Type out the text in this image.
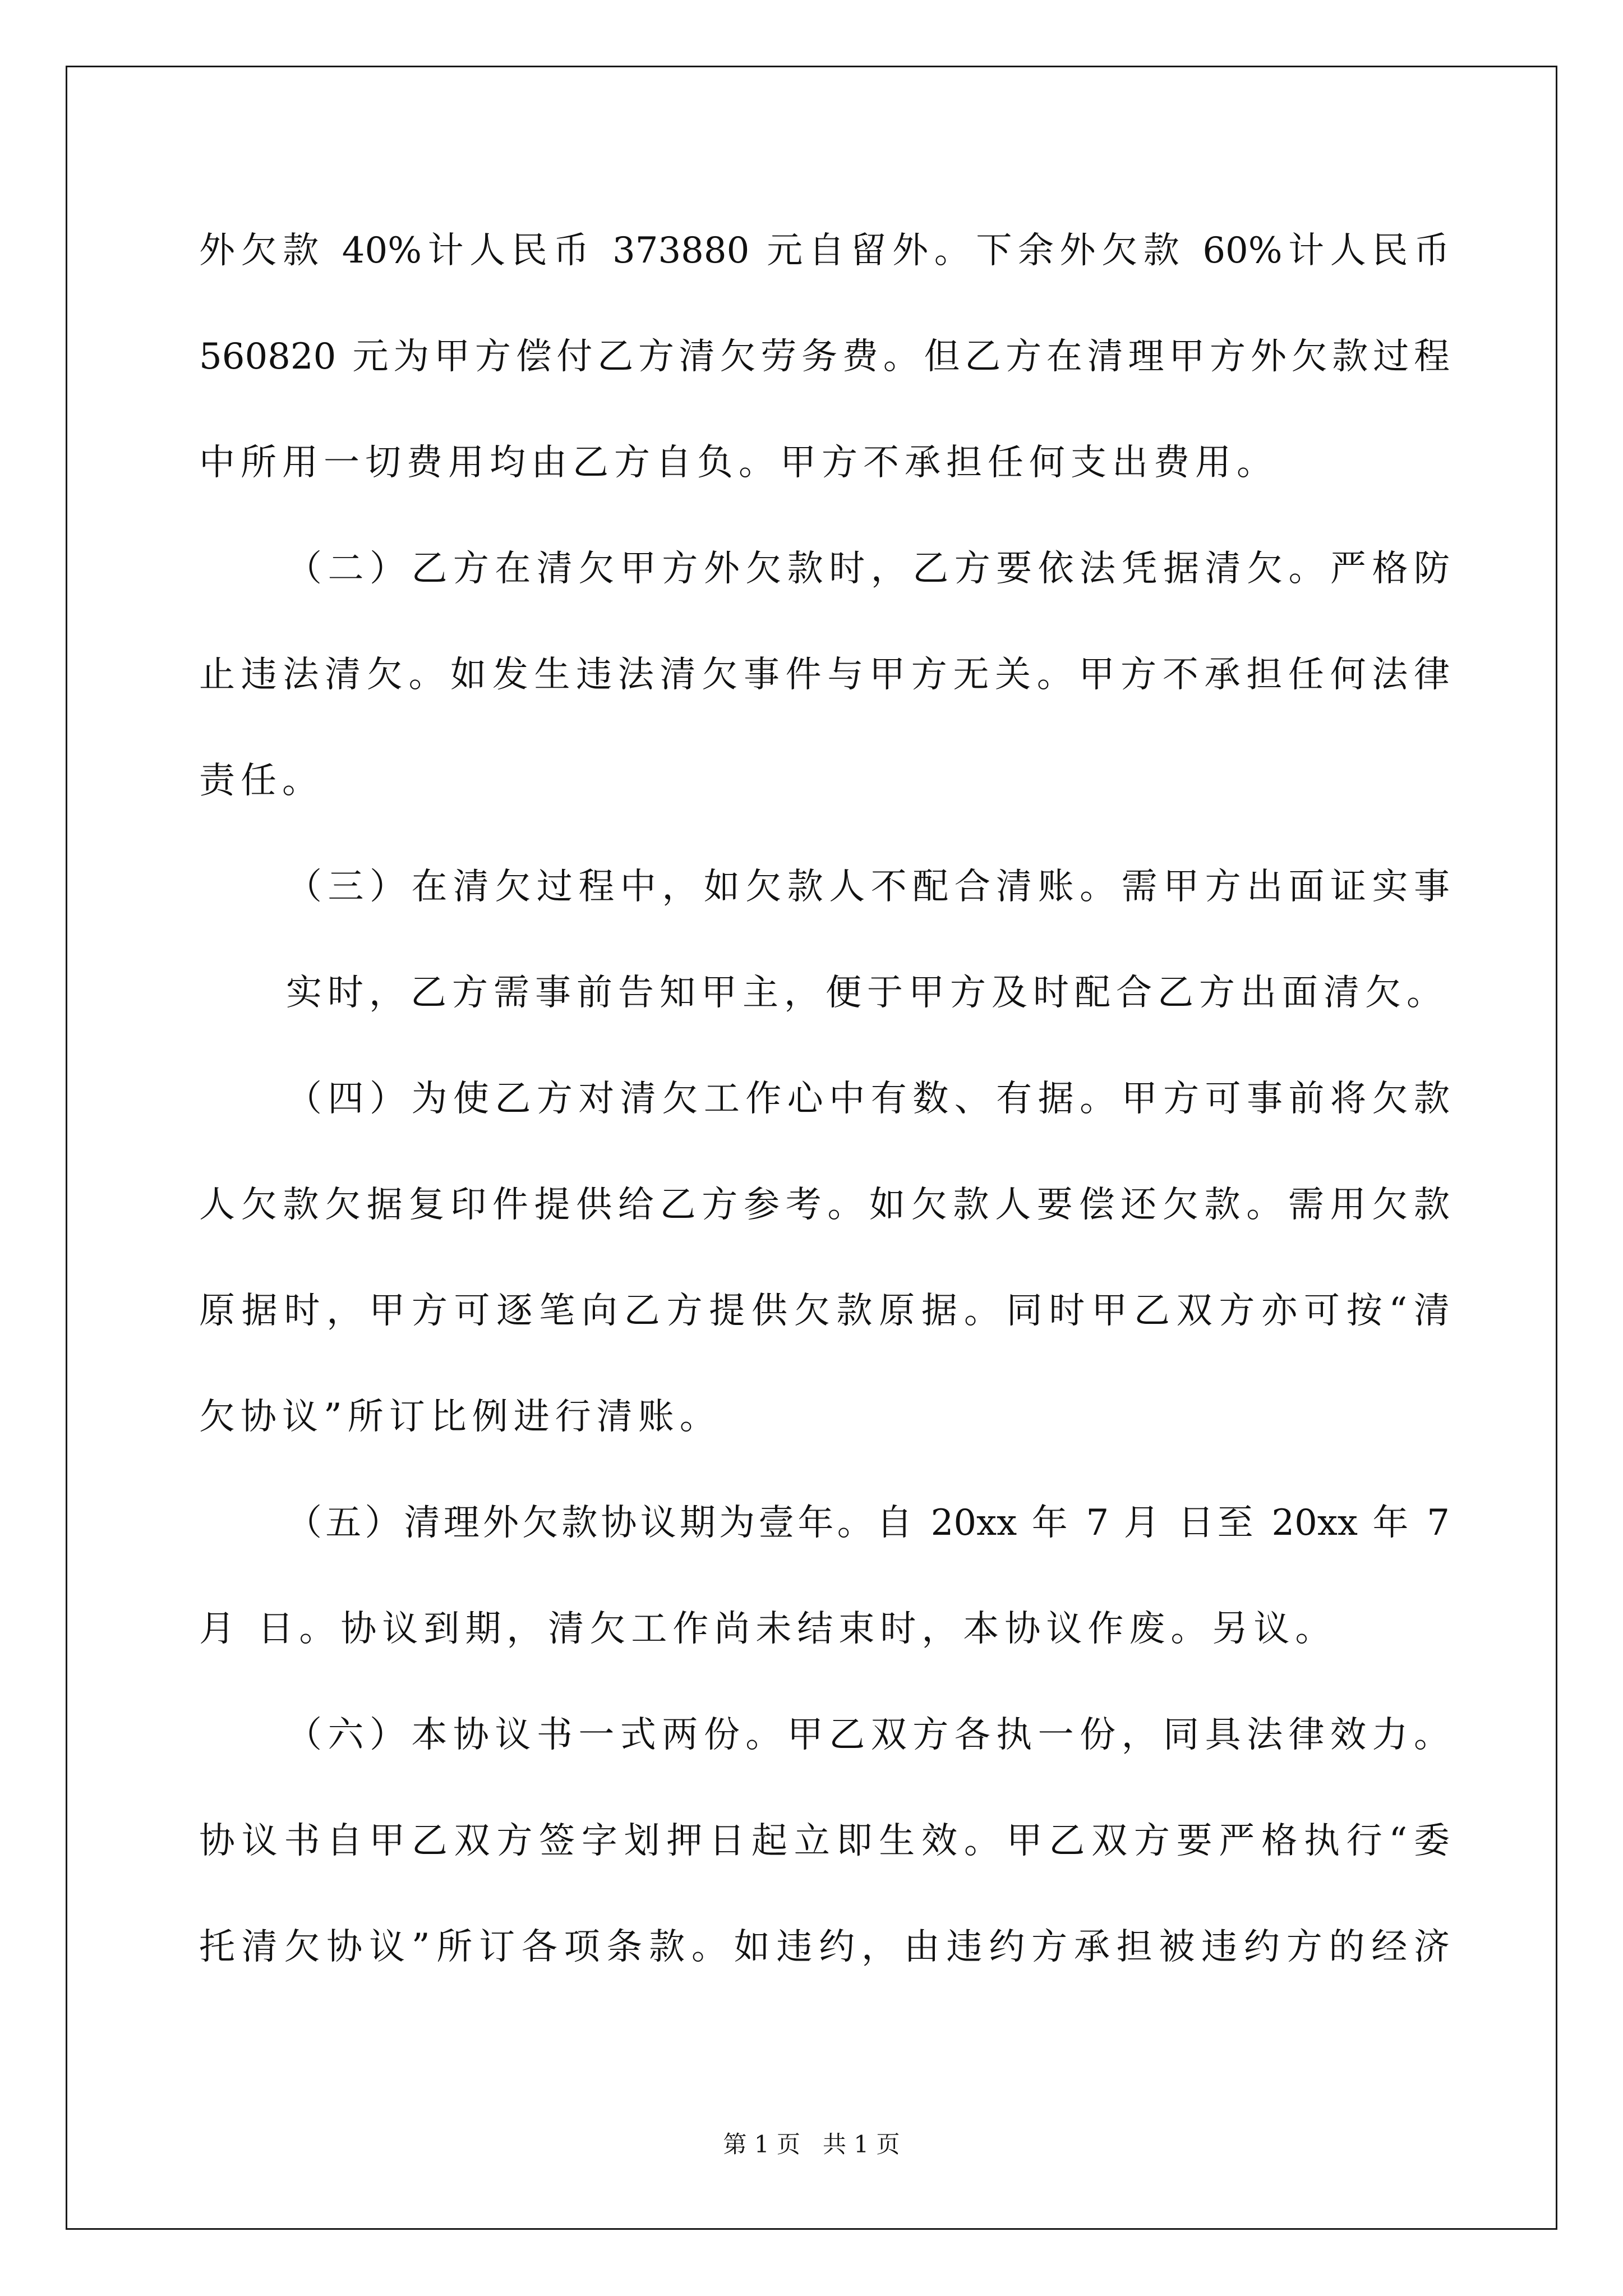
外欠款 40%计人民币 373880 元自留外。下余外欠款 60%计人民币
560820 元为甲方偿付乙方清欠劳务费。但乙方在清理甲方外欠款过程
中所用一切费用均由乙方自负。甲方不承担任何支出费用。
（二）乙方在清欠甲方外欠款时，乙方要依法凭据清欠。严格防
止违法清欠。如发生违法清欠事件与甲方无关。甲方不承担任何法律
责任。
（三）在清欠过程中，如欠款人不配合清账。需甲方出面证实事
实时，乙方需事前告知甲主，便于甲方及时配合乙方出面清欠。
（四）为使乙方对清欠工作心中有数、有据。甲方可事前将欠款
人欠款欠据复印件提供给乙方参考。如欠款人要偿还欠款。需用欠款
原据时，甲方可逐笔向乙方提供欠款原据。同时甲乙双方亦可按“清
欠协议”所订比例进行清账。
（五）清理外欠款协议期为壹年。自 20xx 年 7 月 日至 20xx 年 7
月 日。协议到期，清欠工作尚未结束时，本协议作废。另议。
（六）本协议书一式两份。甲乙双方各执一份，同具法律效力。
协议书自甲乙双方签字划押日起立即生效。甲乙双方要严格执行“委
托清欠协议”所订各项条款。如违约，由违约方承担被违约方的经济
第 1 页   共 1 页
